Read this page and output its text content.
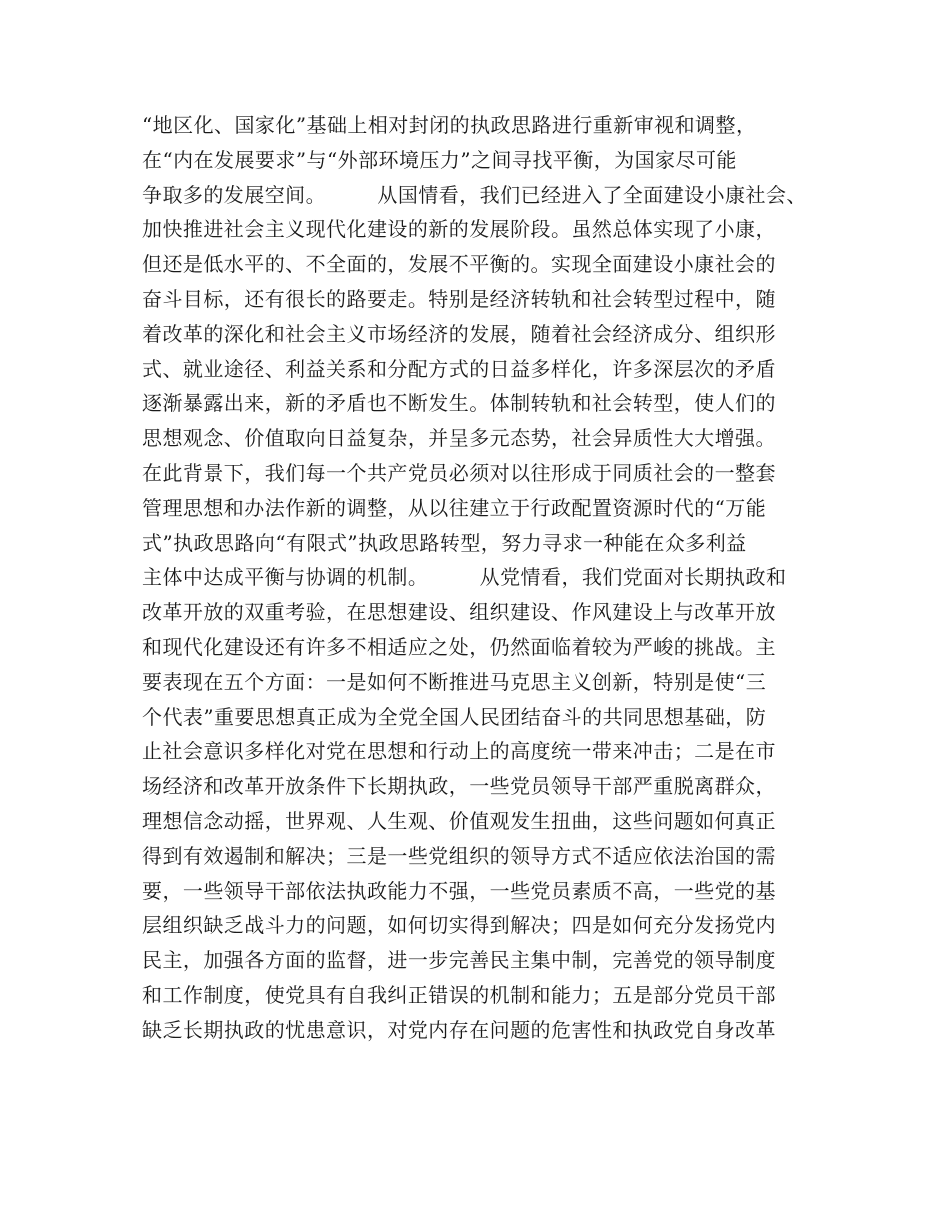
“地区化、国家化”基础上相对封闭的执政思路进行重新审视和调整，
在“内在发展要求”与“外部环境压力”之间寻找平衡，为国家尽可能
争取多的发展空间。　　　从国情看，我们已经进入了全面建设小康社会、
加快推进社会主义现代化建设的新的发展阶段。虽然总体实现了小康，
但还是低水平的、不全面的，发展不平衡的。实现全面建设小康社会的
奋斗目标，还有很长的路要走。特别是经济转轨和社会转型过程中，随
着改革的深化和社会主义市场经济的发展，随着社会经济成分、组织形
式、就业途径、利益关系和分配方式的日益多样化，许多深层次的矛盾
逐渐暴露出来，新的矛盾也不断发生。体制转轨和社会转型，使人们的
思想观念、价值取向日益复杂，并呈多元态势，社会异质性大大增强。
在此背景下，我们每一个共产党员必须对以往形成于同质社会的一整套
管理思想和办法作新的调整，从以往建立于行政配置资源时代的“万能
式”执政思路向“有限式”执政思路转型，努力寻求一种能在众多利益
主体中达成平衡与协调的机制。　　　从党情看，我们党面对长期执政和
改革开放的双重考验，在思想建设、组织建设、作风建设上与改革开放
和现代化建设还有许多不相适应之处，仍然面临着较为严峻的挑战。主
要表现在五个方面：一是如何不断推进马克思主义创新，特别是使“三
个代表”重要思想真正成为全党全国人民团结奋斗的共同思想基础，防
止社会意识多样化对党在思想和行动上的高度统一带来冲击；二是在市
场经济和改革开放条件下长期执政，一些党员领导干部严重脱离群众，
理想信念动摇，世界观、人生观、价值观发生扭曲，这些问题如何真正
得到有效遏制和解决；三是一些党组织的领导方式不适应依法治国的需
要，一些领导干部依法执政能力不强，一些党员素质不高，一些党的基
层组织缺乏战斗力的问题，如何切实得到解决；四是如何充分发扬党内
民主，加强各方面的监督，进一步完善民主集中制，完善党的领导制度
和工作制度，使党具有自我纠正错误的机制和能力；五是部分党员干部
缺乏长期执政的忧患意识，对党内存在问题的危害性和执政党自身改革
